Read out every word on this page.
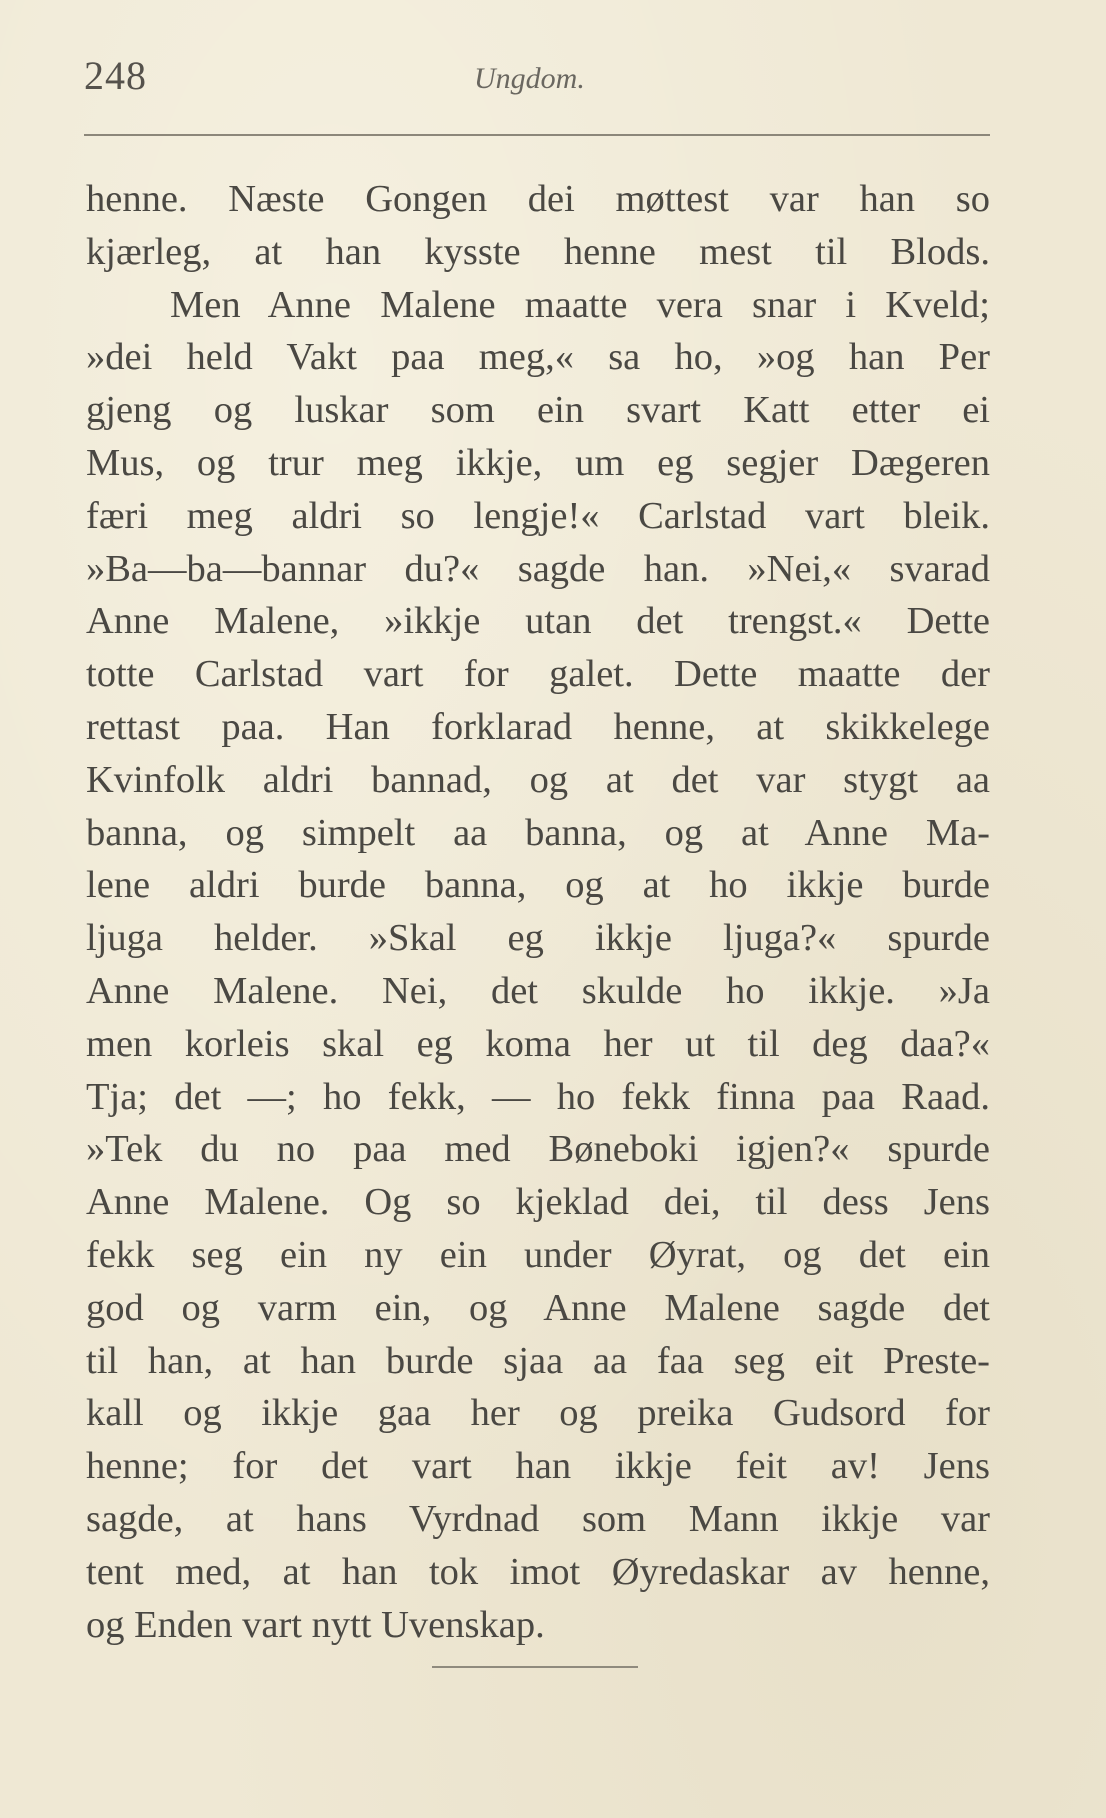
248	Ungdom.
henne. Næste Gongen dei møttest var han so
kjærleg, at han kysste henne mest til Blods.
Men Anne Malene maatte vera snar i Kveld;
»dei held Vakt paa meg,« sa ho, »og han Per
gjeng og luskar som ein svart Katt etter ei
Mus, og trur meg ikkje, um eg segjer Dægeren
færi meg aldri so lengje!« Carlstad vart bleik.
»Ba—ba—bannar du?« sagde han. »Nei,« svarad
Anne Malene, »ikkje utan det trengst.« Dette
totte Carlstad vart for galet. Dette maatte der
rettast paa. Han forklarad henne, at skikkelege
Kvinfolk aldri bannad, og at det var stygt aa
banna, og simpelt aa banna, og at Anne Ma-
lene aldri burde banna, og at ho ikkje burde
ljuga helder. »Skal eg ikkje ljuga?« spurde
Anne Malene. Nei, det skulde ho ikkje. »Ja
men korleis skal eg koma her ut til deg daa?«
Tja; det —; ho fekk, — ho fekk finna paa Raad.
»Tek du no paa med Bøneboki igjen?« spurde
Anne Malene. Og so kjeklad dei, til dess Jens
fekk seg ein ny ein under Øyrat, og det ein
god og varm ein, og Anne Malene sagde det
til han, at han burde sjaa aa faa seg eit Preste-
kall og ikkje gaa her og preika Gudsord for
henne; for det vart han ikkje feit av! Jens
sagde, at hans Vyrdnad som Mann ikkje var
tent med, at han tok imot Øyredaskar av henne,
og Enden vart nytt Uvenskap.
